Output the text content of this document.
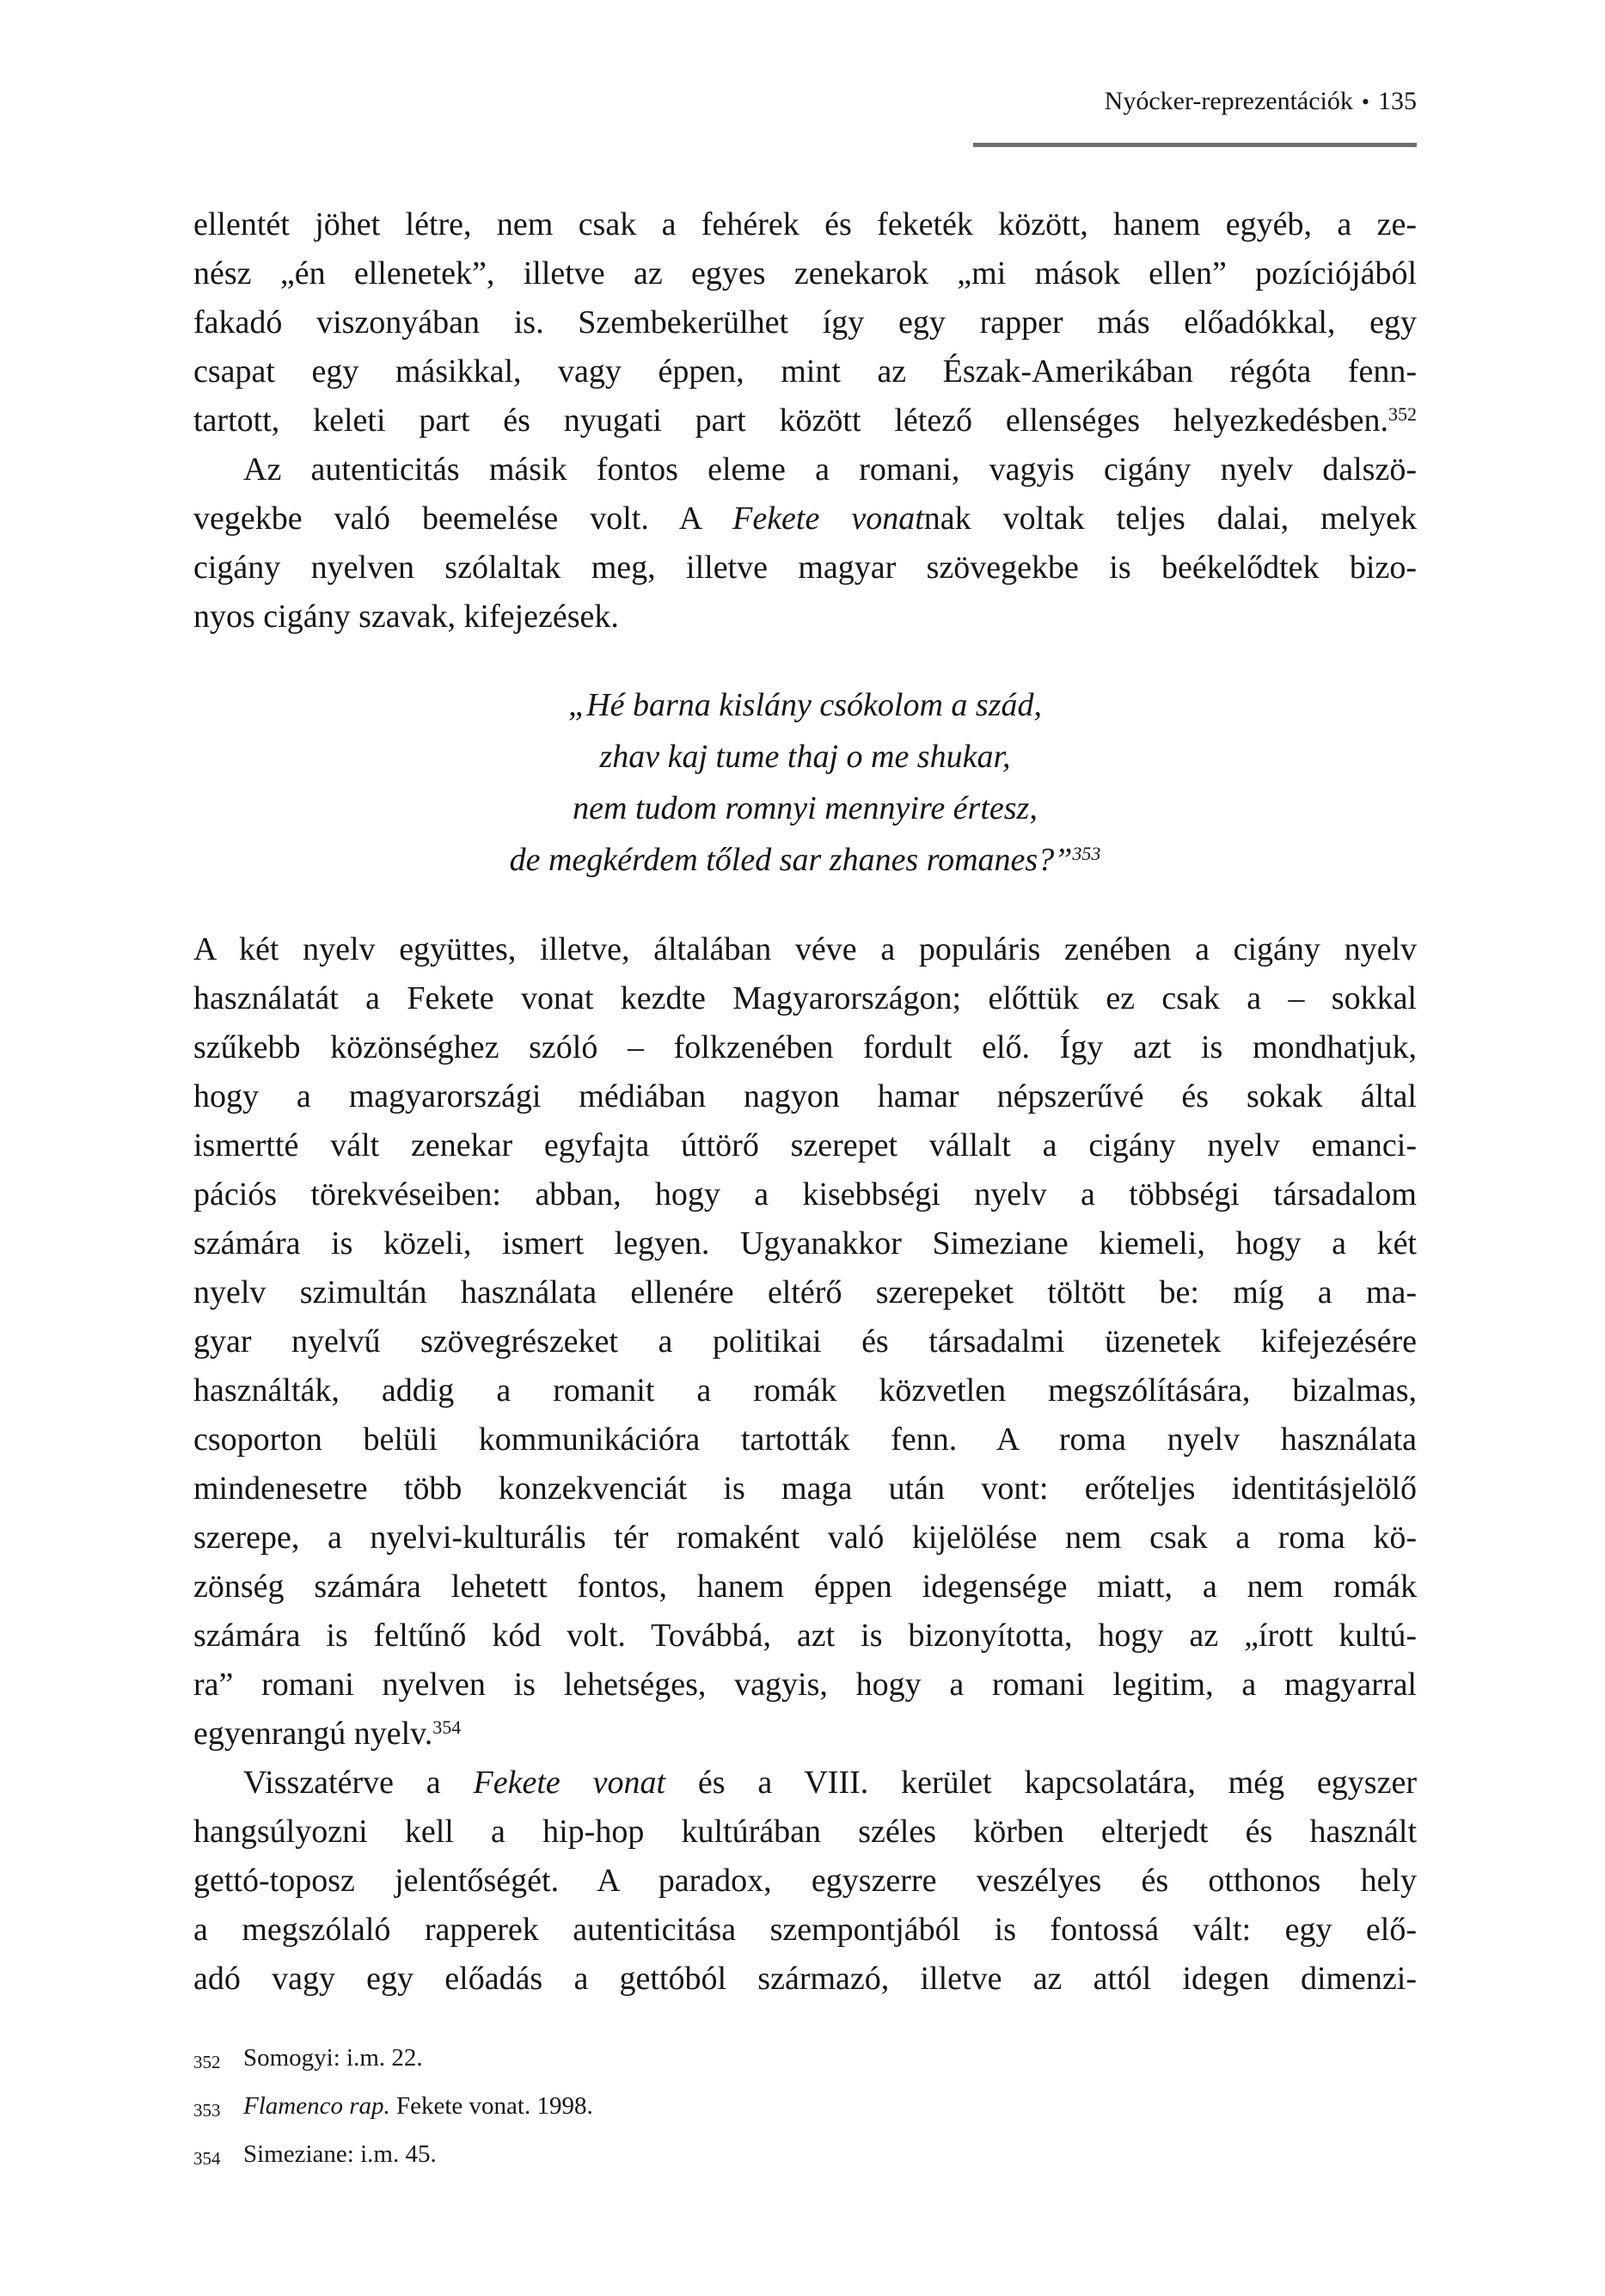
Nyócker-reprezentációk • 135
ellentét jöhet létre, nem csak a fehérek és feketék között, hanem egyéb, a ze-
nész „én ellenetek”, illetve az egyes zenekarok „mi mások ellen” pozíciójából
fakadó viszonyában is. Szembekerülhet így egy rapper más előadókkal, egy
csapat egy másikkal, vagy éppen, mint az Észak-Amerikában régóta fenn-
tartott, keleti part és nyugati part között létező ellenséges helyezkedésben.$^{352}$
Az autenticitás másik fontos eleme a romani, vagyis cigány nyelv dalszö-
vegekbe való beemelése volt. A Fekete vonatnak voltak teljes dalai, melyek
cigány nyelven szólaltak meg, illetve magyar szövegekbe is beékelődtek bizo-
nyos cigány szavak, kifejezések.
„Hé barna kislány csókolom a szád,
zhav kaj tume thaj o me shukar,
nem tudom romnyi mennyire értesz,
de megkérdem tőled sar zhanes romanes?”$^{353}$
A két nyelv együttes, illetve, általában véve a populáris zenében a cigány nyelv
használatát a Fekete vonat kezdte Magyarországon; előttük ez csak a – sokkal
szűkebb közönséghez szóló – folkzenében fordult elő. Így azt is mondhatjuk,
hogy a magyarországi médiában nagyon hamar népszerűvé és sokak által
ismertté vált zenekar egyfajta úttörő szerepet vállalt a cigány nyelv emanci-
pációs törekvéseiben: abban, hogy a kisebbségi nyelv a többségi társadalom
számára is közeli, ismert legyen. Ugyanakkor Simeziane kiemeli, hogy a két
nyelv szimultán használata ellenére eltérő szerepeket töltött be: míg a ma-
gyar nyelvű szövegrészeket a politikai és társadalmi üzenetek kifejezésére
használták, addig a romanit a romák közvetlen megszólítására, bizalmas,
csoporton belüli kommunikációra tartották fenn. A roma nyelv használata
mindenesetre több konzekvenciát is maga után vont: erőteljes identitásjelölő
szerepe, a nyelvi-kulturális tér romaként való kijelölése nem csak a roma kö-
zönség számára lehetett fontos, hanem éppen idegensége miatt, a nem romák
számára is feltűnő kód volt. Továbbá, azt is bizonyította, hogy az „írott kultú-
ra” romani nyelven is lehetséges, vagyis, hogy a romani legitim, a magyarral
egyenrangú nyelv.$^{354}$
Visszatérve a Fekete vonat és a VIII. kerület kapcsolatára, még egyszer
hangsúlyozni kell a hip-hop kultúrában széles körben elterjedt és használt
gettó-toposz jelentőségét. A paradox, egyszerre veszélyes és otthonos hely
a megszólaló rapperek autenticitása szempontjából is fontossá vált: egy elő-
adó vagy egy előadás a gettóból származó, illetve az attól idegen dimenzi-
352 Somogyi: i.m. 22.
353 Flamenco rap. Fekete vonat. 1998.
354 Simeziane: i.m. 45.
